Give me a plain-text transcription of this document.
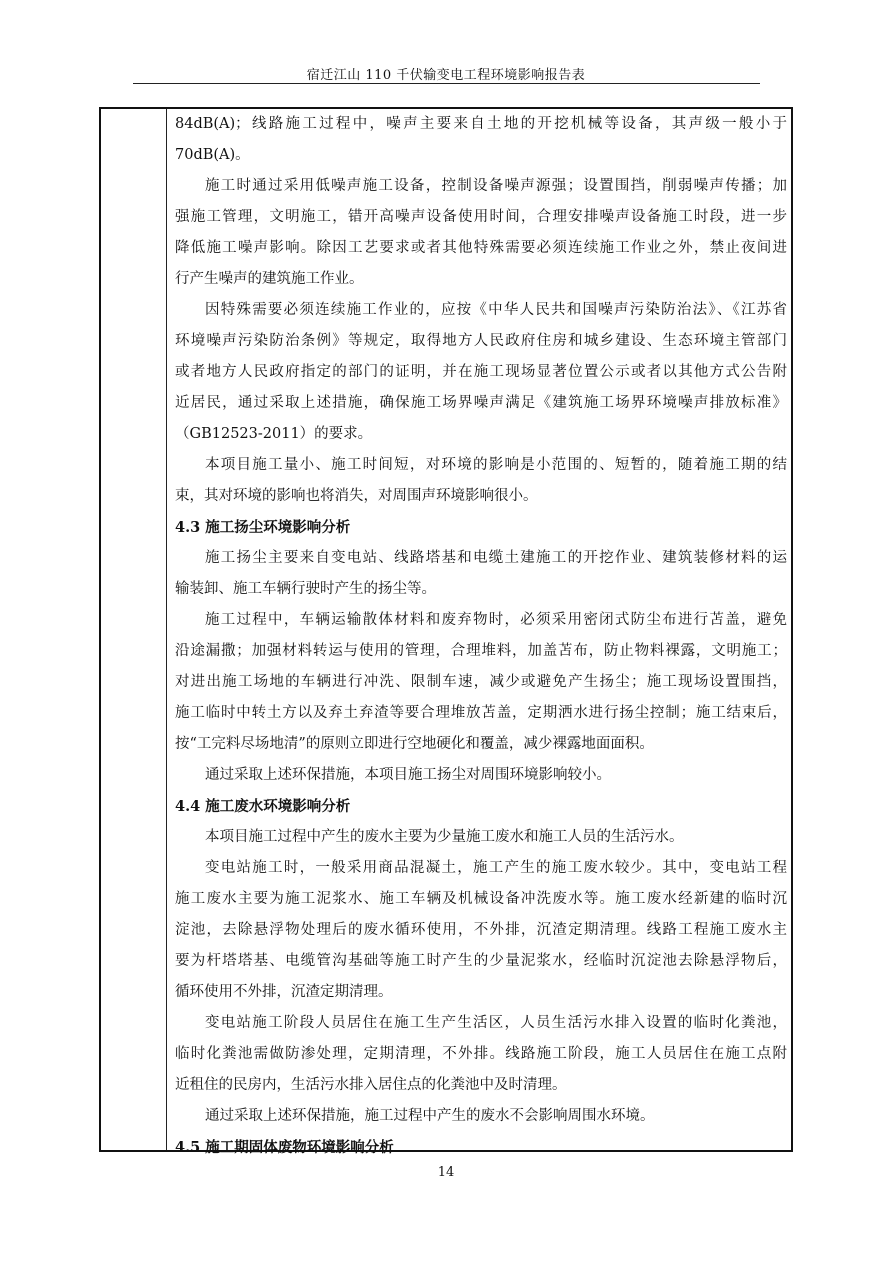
宿迁江山 110 千伏输变电工程环境影响报告表
84dB(A)；线路施工过程中，噪声主要来自土地的开挖机械等设备，其声级一般小于
70dB(A)。
施工时通过采用低噪声施工设备，控制设备噪声源强；设置围挡，削弱噪声传播；加
强施工管理，文明施工，错开高噪声设备使用时间，合理安排噪声设备施工时段，进一步
降低施工噪声影响。除因工艺要求或者其他特殊需要必须连续施工作业之外，禁止夜间进
行产生噪声的建筑施工作业。
因特殊需要必须连续施工作业的，应按《中华人民共和国噪声污染防治法》、《江苏省
环境噪声污染防治条例》等规定，取得地方人民政府住房和城乡建设、生态环境主管部门
或者地方人民政府指定的部门的证明，并在施工现场显著位置公示或者以其他方式公告附
近居民，通过采取上述措施，确保施工场界噪声满足《建筑施工场界环境噪声排放标准》
（GB12523-2011）的要求。
本项目施工量小、施工时间短，对环境的影响是小范围的、短暂的，随着施工期的结
束，其对环境的影响也将消失，对周围声环境影响很小。
4.3 施工扬尘环境影响分析
施工扬尘主要来自变电站、线路塔基和电缆土建施工的开挖作业、建筑装修材料的运
输装卸、施工车辆行驶时产生的扬尘等。
施工过程中，车辆运输散体材料和废弃物时，必须采用密闭式防尘布进行苫盖，避免
沿途漏撒；加强材料转运与使用的管理，合理堆料，加盖苫布，防止物料裸露，文明施工；
对进出施工场地的车辆进行冲洗、限制车速，减少或避免产生扬尘；施工现场设置围挡，
施工临时中转土方以及弃土弃渣等要合理堆放苫盖，定期洒水进行扬尘控制；施工结束后，
按“工完料尽场地清”的原则立即进行空地硬化和覆盖，减少裸露地面面积。
通过采取上述环保措施，本项目施工扬尘对周围环境影响较小。
4.4 施工废水环境影响分析
本项目施工过程中产生的废水主要为少量施工废水和施工人员的生活污水。
变电站施工时，一般采用商品混凝土，施工产生的施工废水较少。其中，变电站工程
施工废水主要为施工泥浆水、施工车辆及机械设备冲洗废水等。施工废水经新建的临时沉
淀池，去除悬浮物处理后的废水循环使用，不外排，沉渣定期清理。线路工程施工废水主
要为杆塔塔基、电缆管沟基础等施工时产生的少量泥浆水，经临时沉淀池去除悬浮物后，
循环使用不外排，沉渣定期清理。
变电站施工阶段人员居住在施工生产生活区，人员生活污水排入设置的临时化粪池，
临时化粪池需做防渗处理，定期清理，不外排。线路施工阶段，施工人员居住在施工点附
近租住的民房内，生活污水排入居住点的化粪池中及时清理。
通过采取上述环保措施，施工过程中产生的废水不会影响周围水环境。
4.5 施工期固体废物环境影响分析
14
